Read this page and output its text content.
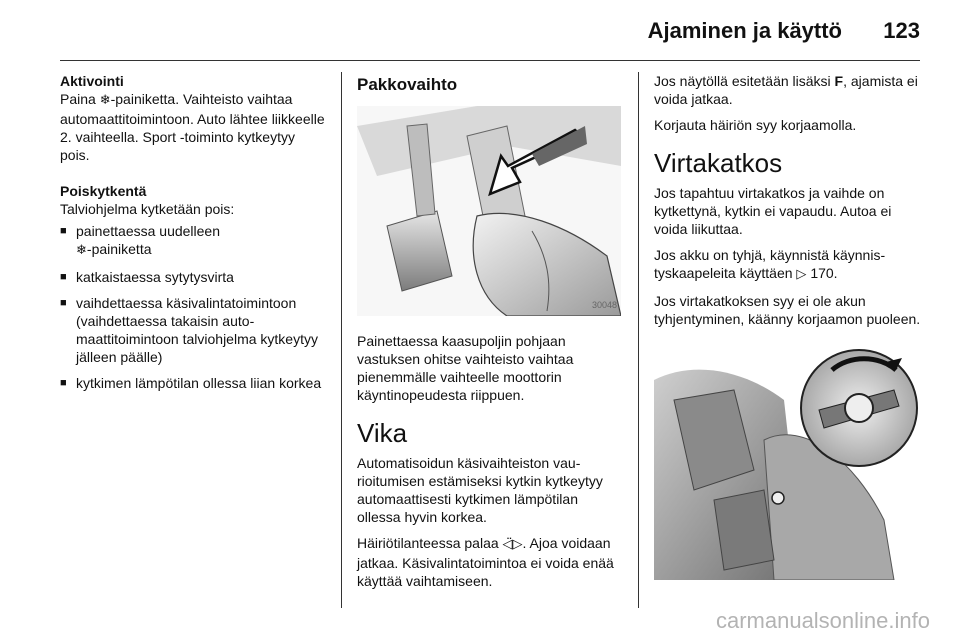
Ajaminen ja käyttö 123
Aktivointi

Paina ❄-painiketta. Vaihteisto vaihtaa automaattitoimintoon. Auto lähtee liikkeelle 2. vaihteella. Sport -toiminto kytkeytyy pois.

Poiskytkentä

Talviohjelma kytketään pois:

■ painettaessa uudelleen
❄-painiketta
■ katkaistaessa sytytysvirta
■ vaihdettaessa käsivalintatoimintoon (vaihdettaessa takaisin automaattitoimintoon talviohjelma kytkeytyy jälleen päälle)
■ kytkimen lämpötilan ollessa liian korkea
Pakkovaihto
30048

Painettaessa kaasupoljin pohjaan vastuksen ohitse vaihteisto vaihtaa pienemmälle vaihteelle moottorin käyntinopeudesta riippuen.

Vika

Automatisoidun käsivaihteiston vaurioitumisen estämiseksi kytkin kytkeytyy automaattisesti kytkimen lämpötilan ollessa hyvin korkea.

Häiriötilanteessa palaa ◁̈▷. Ajoa voidaan jatkaa. Käsivalintatoimintoa ei voida enää käyttää vaihtamiseen.

Jos näytöllä esitetään lisäksi F, ajamista ei voida jatkaa.

Korjauta häiriön syy korjaamolla.

Virtakatkos

Jos tapahtuu virtakatkos ja vaihde on kytkettynä, kytkin ei vapaudu. Autoa ei voida liikuttaa.

Jos akku on tyhjä, käynnistä käynnistyskaapeleita käyttäen ▷ 170.

Jos virtakatkoksen syy ei ole akun tyhjentyminen, käänny korjaamon puoleen.

carmanualsonline.info
